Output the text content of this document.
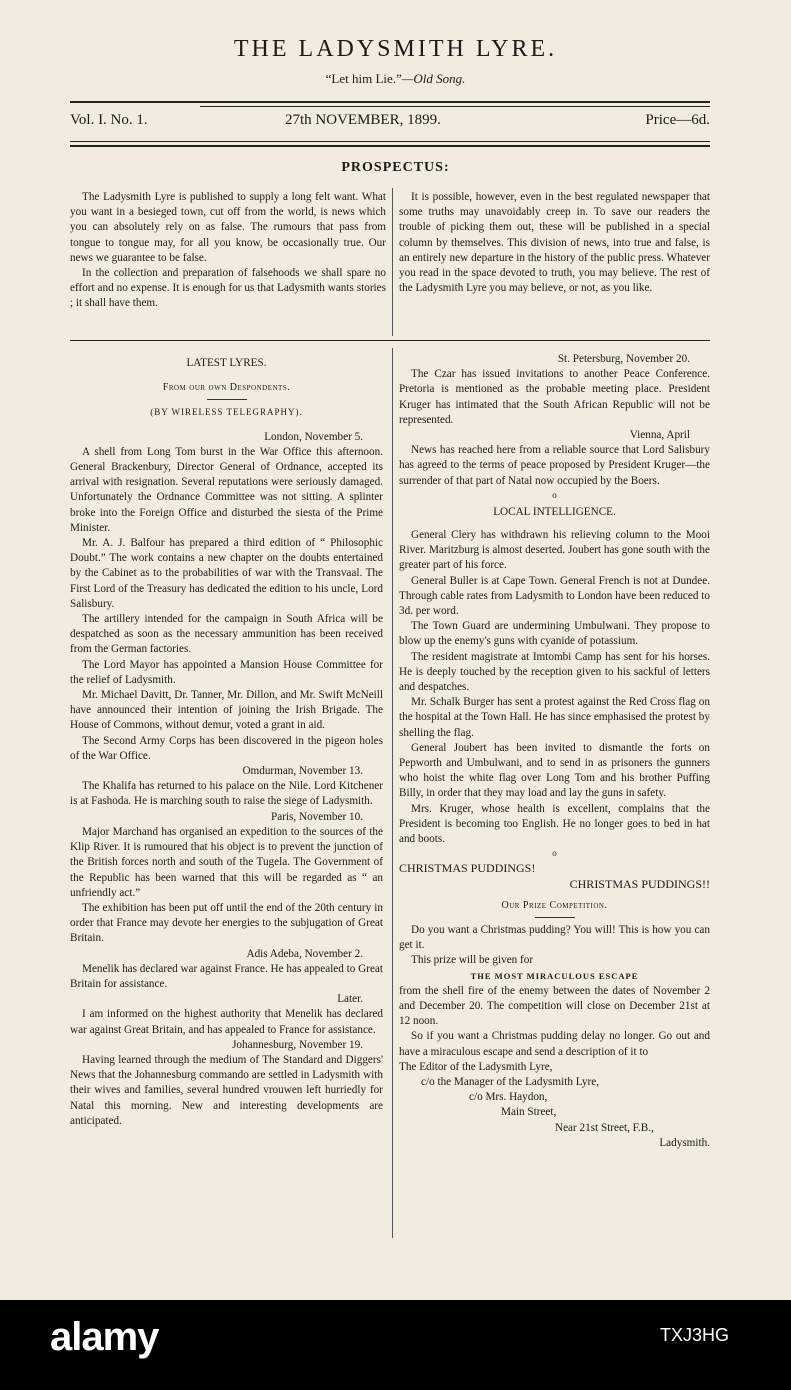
THE LADYSMITH LYRE.
“Let him Lie.”—Old Song.
Vol. I. No. 1.	27th NOVEMBER, 1899.	Price—6d.
PROSPECTUS:

The Ladysmith Lyre is published to supply a long felt want. What you want in a besieged town, cut off from the world, is news which you can absolutely rely on as false. The rumours that pass from tongue to tongue may, for all you know, be occasionally true. Our news we guarantee to be false.

In the collection and preparation of falsehoods we shall spare no effort and no expense. It is enough for us that Ladysmith wants stories ; it shall have them.

It is possible, however, even in the best regulated newspaper that some truths may unavoidably creep in. To save our readers the trouble of picking them out, these will be published in a special column by themselves. This division of news, into true and false, is an entirely new departure in the history of the public press. Whatever you read in the space devoted to truth, you may believe. The rest of the Ladysmith Lyre you may believe, or not, as you like.

LATEST LYRES.

From our own Despondents.

(BY WIRELESS TELEGRAPHY).

London, November 5.

A shell from Long Tom burst in the War Office this afternoon. General Brackenbury, Director General of Ordnance, accepted its arrival with resignation. Several reputations were seriously damaged. Unfortunately the Ordnance Committee was not sitting. A splinter broke into the Foreign Office and disturbed the siesta of the Prime Minister.

Mr. A. J. Balfour has prepared a third edition of “ Philosophic Doubt.” The work contains a new chapter on the doubts entertained by the Cabinet as to the probabilities of war with the Transvaal. The First Lord of the Treasury has dedicated the edition to his uncle, Lord Salisbury.

The artillery intended for the campaign in South Africa will be despatched as soon as the necessary ammunition has been received from the German factories.

The Lord Mayor has appointed a Mansion House Committee for the relief of Ladysmith.

Mr. Michael Davitt, Dr. Tanner, Mr. Dillon, and Mr. Swift McNeill have announced their intention of joining the Irish Brigade. The House of Commons, without demur, voted a grant in aid.

The Second Army Corps has been discovered in the pigeon holes of the War Office.

Omdurman, November 13.

The Khalifa has returned to his palace on the Nile. Lord Kitchener is at Fashoda. He is marching south to raise the siege of Ladysmith.

Paris, November 10.

Major Marchand has organised an expedition to the sources of the Klip River. It is rumoured that his object is to prevent the junction of the British forces north and south of the Tugela. The Government of the Republic has been warned that this will be regarded as “ an unfriendly act.”

The exhibition has been put off until the end of the 20th century in order that France may devote her energies to the subjugation of Great Britain.

Adis Adeba, November 2.

Menelik has declared war against France. He has appealed to Great Britain for assistance.

Later.

I am informed on the highest authority that Menelik has declared war against Great Britain, and has appealed to France for assistance.

Johannesburg, November 19.

Having learned through the medium of The Standard and Diggers' News that the Johannesburg commando are settled in Ladysmith with their wives and families, several hundred vrouwen left hurriedly for Natal this morning. New and interesting developments are anticipated.

St. Petersburg, November 20.

The Czar has issued invitations to another Peace Conference. Pretoria is mentioned as the probable meeting place. President Kruger has intimated that the South African Republic will not be represented.

Vienna, April

News has reached here from a reliable source that Lord Salisbury has agreed to the terms of peace proposed by President Kruger—the surrender of that part of Natal now occupied by the Boers.

o

LOCAL INTELLIGENCE.

General Clery has withdrawn his relieving column to the Mooi River. Maritzburg is almost deserted. Joubert has gone south with the greater part of his force.

General Buller is at Cape Town. General French is not at Dundee. Through cable rates from Ladysmith to London have been reduced to 3d. per word.

The Town Guard are undermining Umbulwani. They propose to blow up the enemy's guns with cyanide of potassium.

The resident magistrate at Imtombi Camp has sent for his horses. He is deeply touched by the reception given to his sackful of letters and despatches.

Mr. Schalk Burger has sent a protest against the Red Cross flag on the hospital at the Town Hall. He has since emphasised the protest by shelling the flag.

General Joubert has been invited to dismantle the forts on Pepworth and Umbulwani, and to send in as prisoners the gunners who hoist the white flag over Long Tom and his brother Puffing Billy, in order that they may load and lay the guns in safety.

Mrs. Kruger, whose health is excellent, complains that the President is becoming too English. He no longer goes to bed in hat and boots.

o

CHRISTMAS PUDDINGS!

CHRISTMAS PUDDINGS!!

Our Prize Competition.

Do you want a Christmas pudding? You will! This is how you can get it.

This prize will be given for

THE MOST MIRACULOUS ESCAPE

from the shell fire of the enemy between the dates of November 2 and December 20. The competition will close on December 21st at 12 noon.

So if you want a Christmas pudding delay no longer. Go out and have a miraculous escape and send a description of it to

The Editor of the Ladysmith Lyre,

c/o the Manager of the Ladysmith Lyre,

c/o Mrs. Haydon,

Main Street,

Near 21st Street, F.B.,

Ladysmith.

alamy	TXJ3HG
